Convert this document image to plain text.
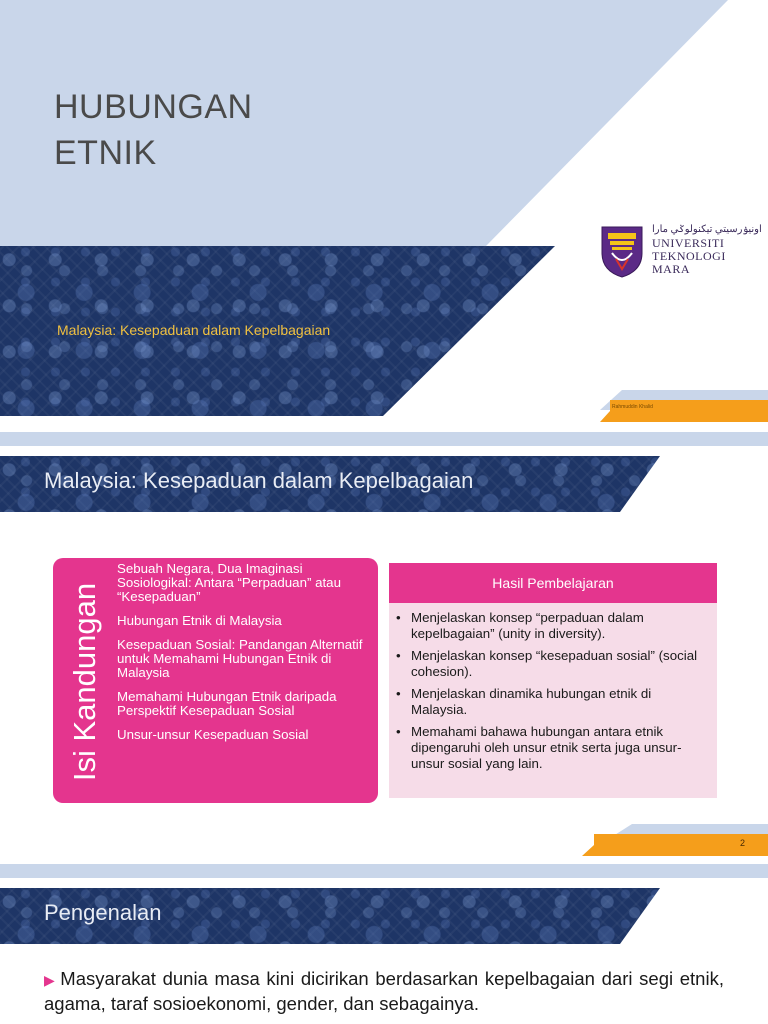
HUBUNGAN
ETNIK
Malaysia: Kesepaduan dalam Kepelbagaian
اونيۏرسيتي تيكنولوݢي مارا
UNIVERSITI
TEKNOLOGI
MARA
Rahmuddin Khalid
Malaysia: Kesepaduan dalam Kepelbagaian
Isi Kandungan
Sebuah Negara, Dua Imaginasi Sosiologikal: Antara “Perpaduan” atau “Kesepaduan”
Hubungan Etnik di Malaysia
Kesepaduan Sosial: Pandangan Alternatif untuk Memahami Hubungan Etnik di Malaysia
Memahami Hubungan Etnik daripada Perspektif Kesepaduan Sosial
Unsur-unsur Kesepaduan Sosial
Hasil Pembelajaran
• Menjelaskan konsep “perpaduan dalam kepelbagaian” (unity in diversity).
• Menjelaskan konsep “kesepaduan sosial” (social cohesion).
• Menjelaskan dinamika hubungan etnik di Malaysia.
• Memahami bahawa hubungan antara etnik dipengaruhi oleh unsur etnik serta juga unsur-unsur sosial yang lain.
2
Pengenalan
▶ Masyarakat dunia masa kini dicirikan berdasarkan kepelbagaian dari segi etnik, agama, taraf sosioekonomi, gender, dan sebagainya.
